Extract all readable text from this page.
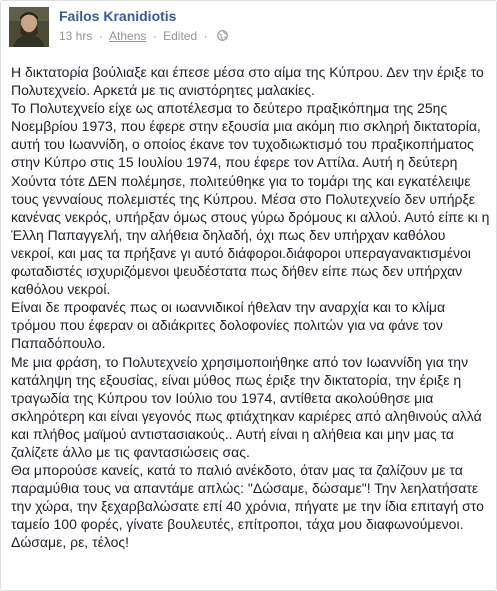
Failos Kranidiotis
13 hrs · Athens · Edited ·

Η δικτατορία βούλιαξε και έπεσε μέσα στο αίμα της Κύπρου. Δεν την έριξε το Πολυτεχνείο. Αρκετά με τις ανιστόρητες μαλακίες.

Το Πολυτεχνείο είχε ως αποτέλεσμα το δεύτερο πραξικόπημα της 25ης Νοεμβρίου 1973, που έφερε στην εξουσία μια ακόμη πιο σκληρή δικτατορία, αυτή του Ιωαννίδη, ο οποίος έκανε τον τυχοδιωκτισμό του πραξικοπήματος στην Κύπρο στις 15 Ιουλίου 1974, που έφερε τον Αττίλα. Αυτή η δεύτερη Χούντα τότε ΔΕΝ πολέμησε, πολιτεύθηκε για το τομάρι της και εγκατέλειψε τους γενναίους πολεμιστές της Κύπρου. Μέσα στο Πολυτεχνείο δεν υπήρξε κανένας νεκρός, υπήρξαν όμως στους γύρω δρόμους κι αλλού. Αυτό είπε κι η Έλλη Παπαγγελή, την αλήθεια δηλαδή, όχι πως δεν υπήρχαν καθόλου νεκροί, και μας τα πρήξανε γι αυτό διάφοροι.διάφοροι υπεραγανακτισμένοι φωταδιστές ισχυριζόμενοι ψευδέστατα πως δήθεν είπε πως δεν υπήρχαν καθόλου νεκροί.

Είναι δε προφανές πως οι ιωαννιδικοί ήθελαν την αναρχία και το κλίμα τρόμου που έφεραν οι αδιάκριτες δολοφονίες πολιτών για να φάνε τον Παπαδόπουλο.

Με μια φράση, το Πολυτεχνείο χρησιμοποιήθηκε από τον Ιωαννίδη για την κατάληψη της εξουσίας, είναι μύθος πως έριξε την δικτατορία, την έριξε η τραγωδία της Κύπρου τον Ιούλιο του 1974, αντίθετα ακολούθησε μια σκληρότερη και είναι γεγονός πως φτιάχτηκαν καριέρες από αληθινούς αλλά και πλήθος μαϊμού αντιστασιακούς.. Αυτή είναι η αλήθεια και μην μας τα ζαλίζετε άλλο με τις φαντασιώσεις σας.

Θα μπορούσε κανείς, κατά το παλιό ανέκδοτο, όταν μας τα ζαλίζουν με τα παραμύθια τους να απαντάμε απλώς: "Δώσαμε, δώσαμε"! Την λεηλατήσατε την χώρα, την ξεχαρβαλώσατε επί 40 χρόνια, πήγατε με την ίδια επιταγή στο ταμείο 100 φορές, γίνατε βουλευτές, επίτροποι, τάχα μου διαφωνούμενοι. Δώσαμε, ρε, τέλος!
